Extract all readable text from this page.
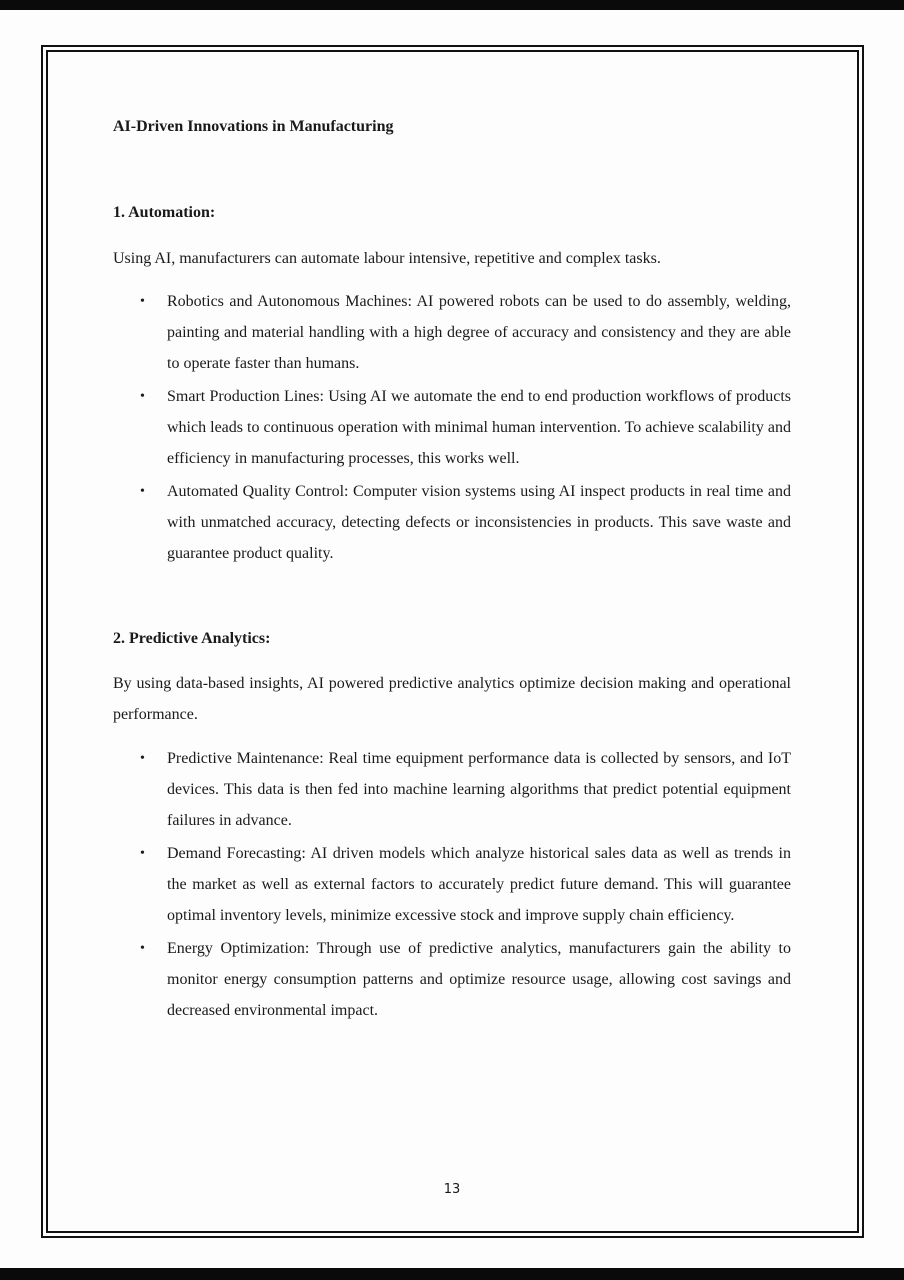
AI-Driven Innovations in Manufacturing
1. Automation:

Using AI, manufacturers can automate labour intensive, repetitive and complex tasks.

• Robotics and Autonomous Machines: AI powered robots can be used to do assembly, welding, painting and material handling with a high degree of accuracy and consistency and they are able to operate faster than humans.
• Smart Production Lines: Using AI we automate the end to end production workflows of products which leads to continuous operation with minimal human intervention. To achieve scalability and efficiency in manufacturing processes, this works well.
• Automated Quality Control: Computer vision systems using AI inspect products in real time and with unmatched accuracy, detecting defects or inconsistencies in products. This save waste and guarantee product quality.
2. Predictive Analytics:

By using data-based insights, AI powered predictive analytics optimize decision making and operational performance.

• Predictive Maintenance: Real time equipment performance data is collected by sensors, and IoT devices. This data is then fed into machine learning algorithms that predict potential equipment failures in advance.
• Demand Forecasting: AI driven models which analyze historical sales data as well as trends in the market as well as external factors to accurately predict future demand. This will guarantee optimal inventory levels, minimize excessive stock and improve supply chain efficiency.
• Energy Optimization: Through use of predictive analytics, manufacturers gain the ability to monitor energy consumption patterns and optimize resource usage, allowing cost savings and decreased environmental impact.

13
